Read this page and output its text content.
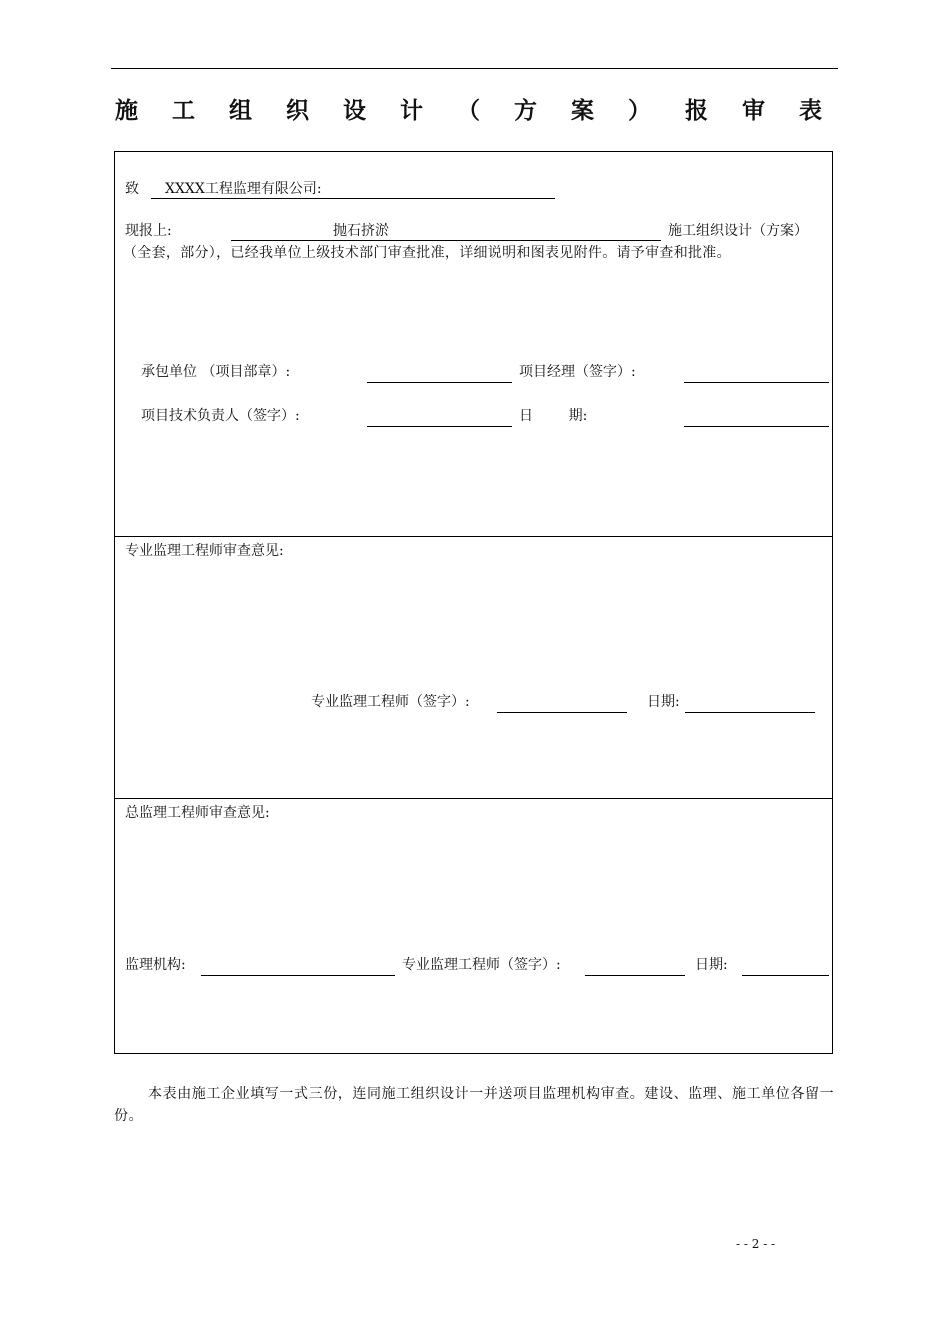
施 工 组 织 设 计 （ 方 案 ） 报 审 表
致 XXXX工程监理有限公司:
现报上:	抛石挤淤	施工组织设计（方案）
（全套，部分），已经我单位上级技术部门审查批准，详细说明和图表见附件。请予审查和批准。
承包单位 （项目部章）:	项目经理（签字）:
项目技术负责人（签字）:	日        期:
专业监理工程师审查意见:
专业监理工程师（签字）:	日期:
总监理工程师审查意见:
监理机构:	专业监理工程师（签字）:	日期:
本表由施工企业填写一式三份，连同施工组织设计一并送项目监理机构审查。建设、监理、施工单位各留一份。
- - 2 - -
